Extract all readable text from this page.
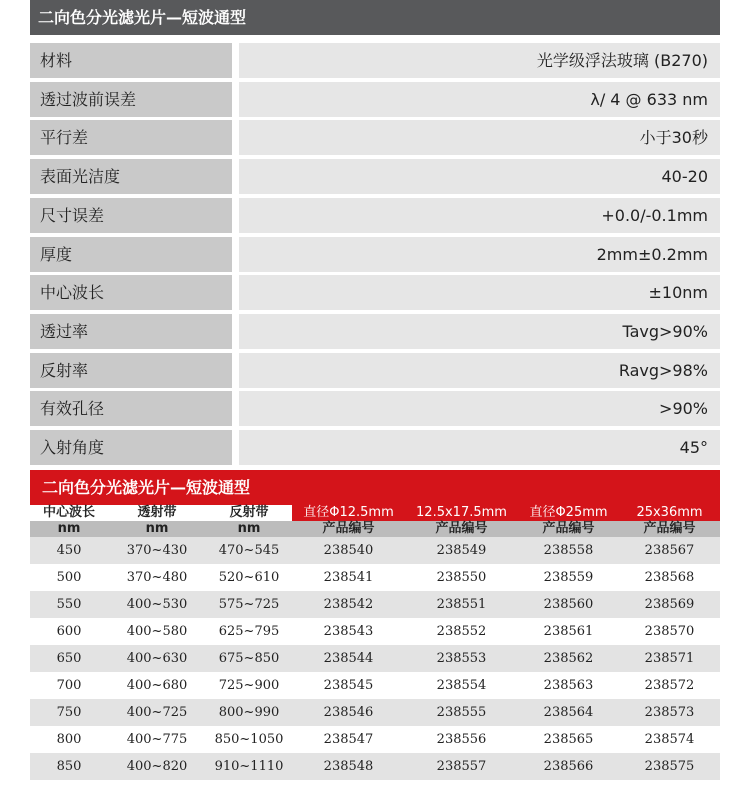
二向色分光滤光片—短波通型
材料	光学级浮法玻璃 (B270)
透过波前误差	λ/ 4 @ 633 nm
平行差	小于30秒
表面光洁度	40-20
尺寸误差	+0.0/-0.1mm
厚度	2mm±0.2mm
中心波长	±10nm
透过率	Tavg>90%
反射率	Ravg>98%
有效孔径	>90%
入射角度	45°
二向色分光滤光片—短波通型
中心波长	透射带	反射带	直径Φ12.5mm	12.5x17.5mm	直径Φ25mm	25x36mm
nm	nm	nm	产品编号	产品编号	产品编号	产品编号
450	370~430	470~545	238540	238549	238558	238567
500	370~480	520~610	238541	238550	238559	238568
550	400~530	575~725	238542	238551	238560	238569
600	400~580	625~795	238543	238552	238561	238570
650	400~630	675~850	238544	238553	238562	238571
700	400~680	725~900	238545	238554	238563	238572
750	400~725	800~990	238546	238555	238564	238573
800	400~775	850~1050	238547	238556	238565	238574
850	400~820	910~1110	238548	238557	238566	238575
